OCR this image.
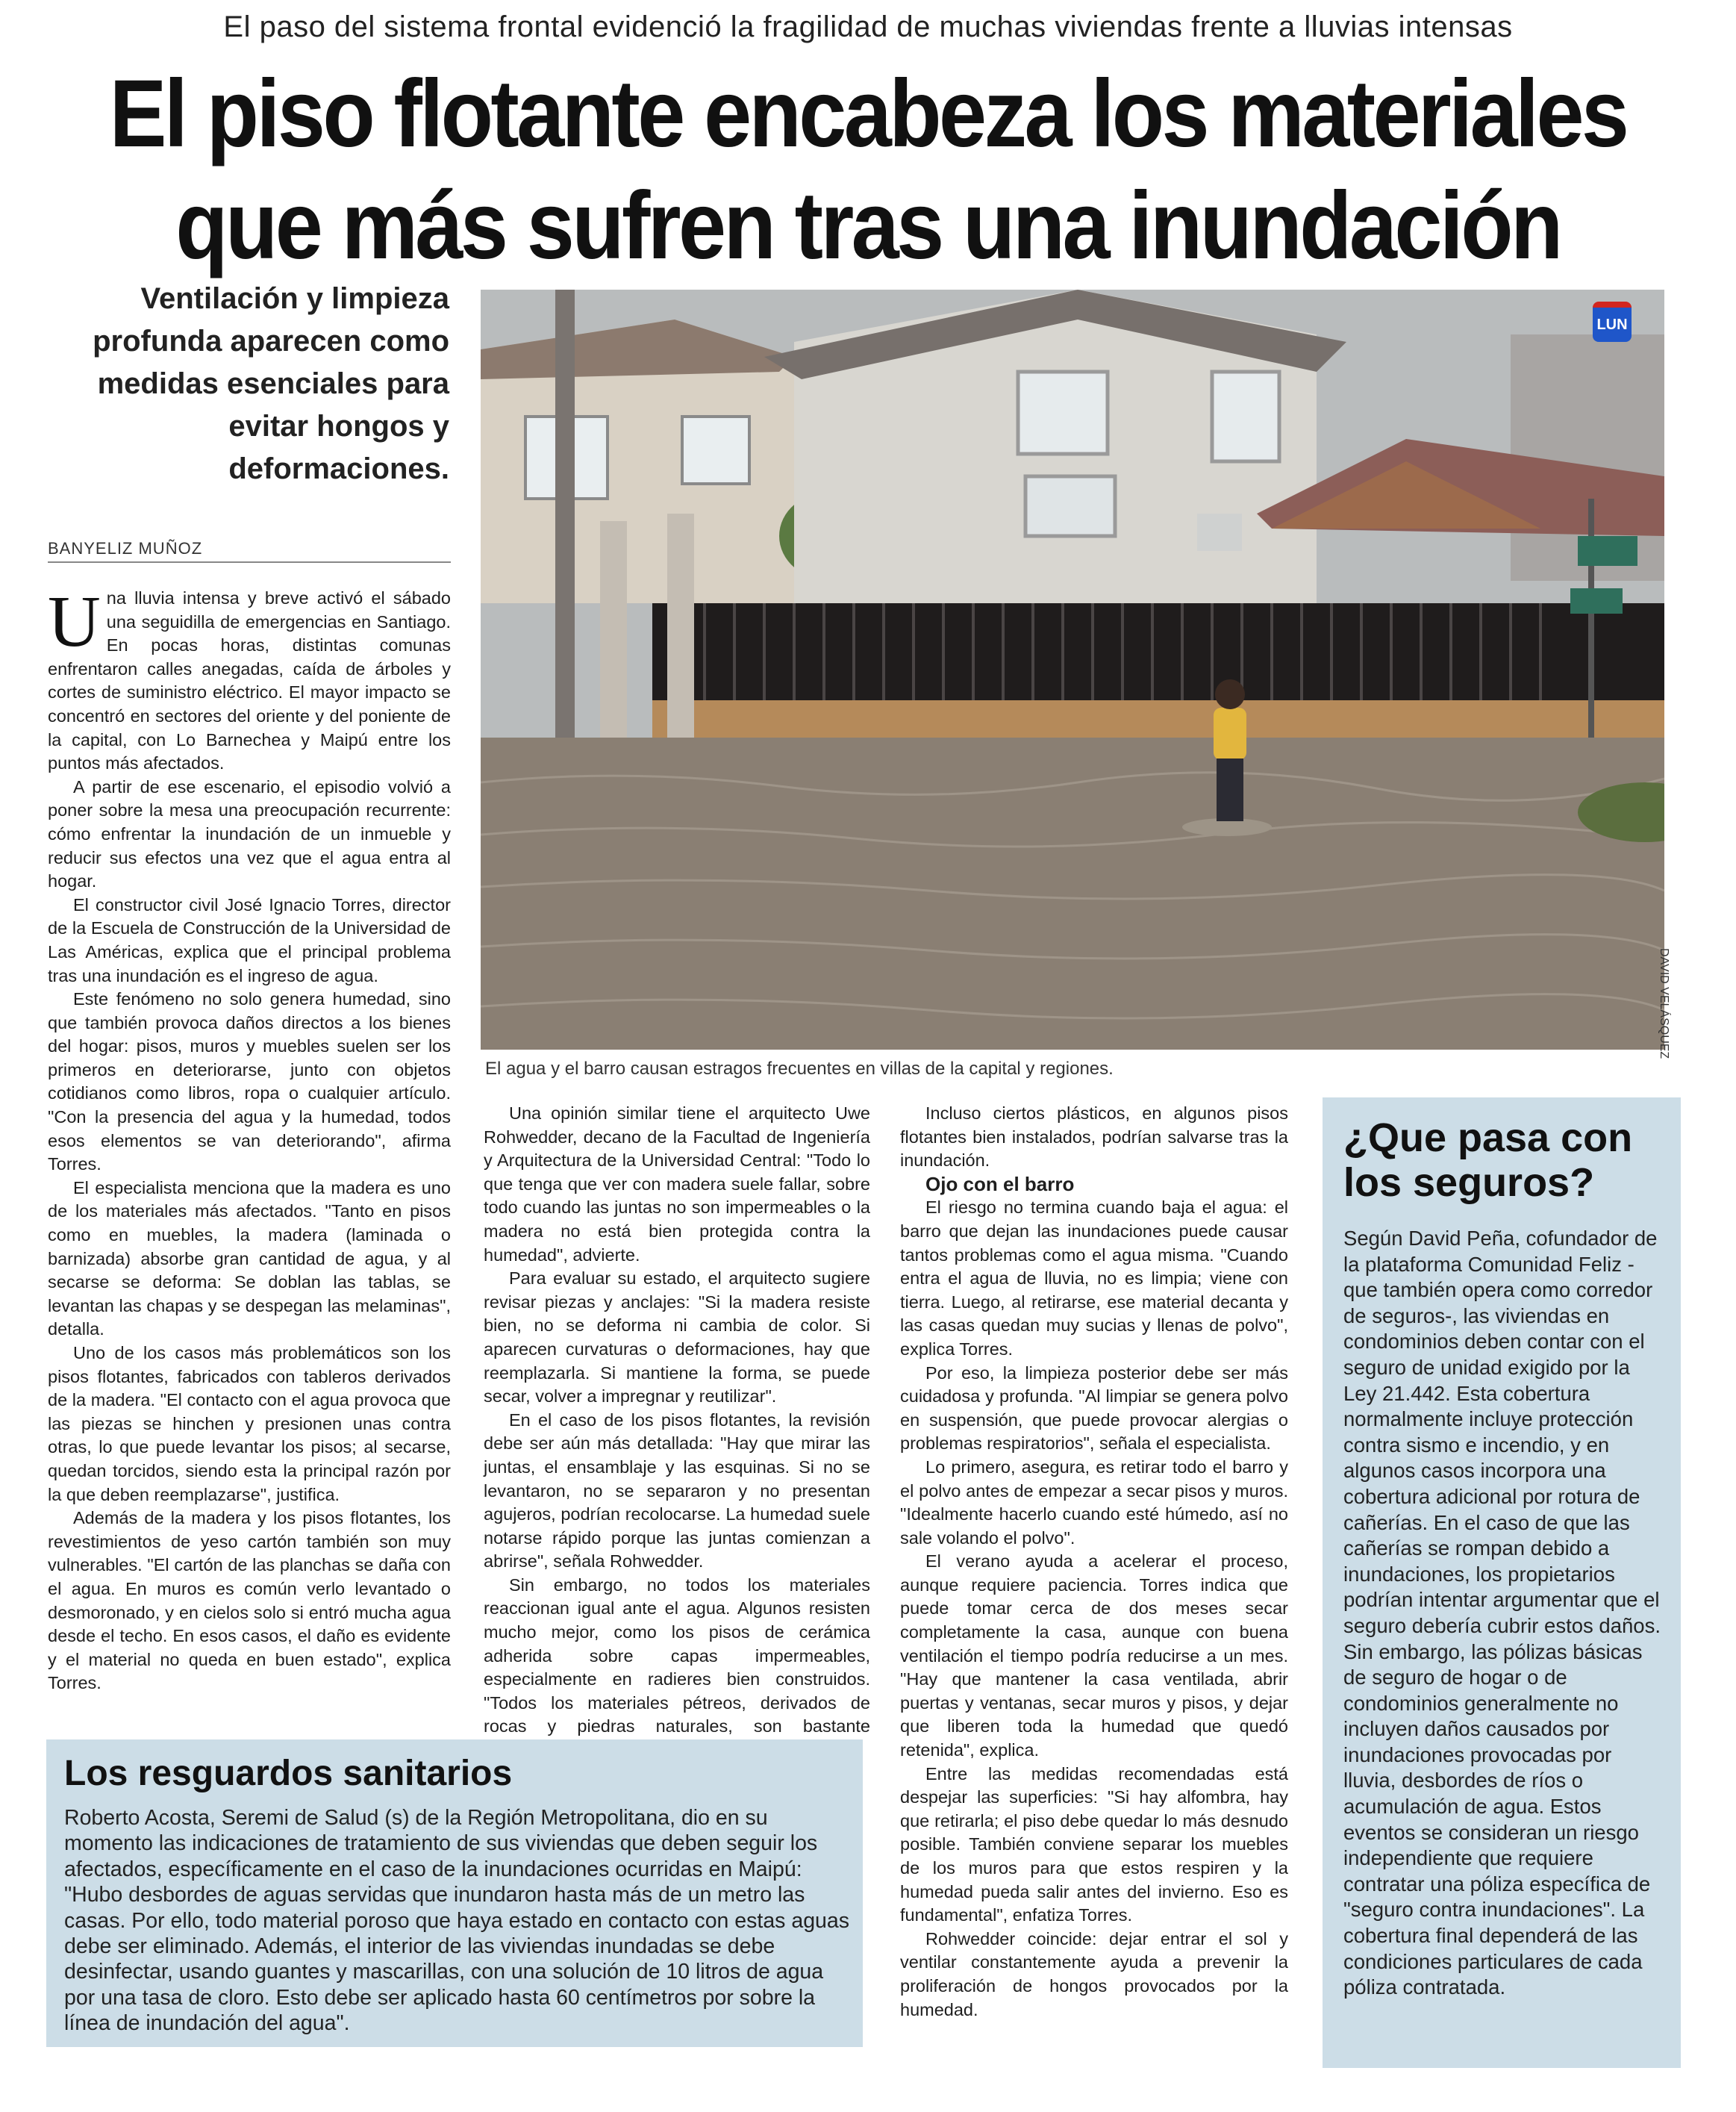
El paso del sistema frontal evidenció la fragilidad de muchas viviendas frente a lluvias intensas
El piso flotante encabeza los materiales
que más sufren tras una inundación
Ventilación y limpieza profunda aparecen como medidas esenciales para evitar hongos y deformaciones.
BANYELIZ MUÑOZ
LUN
DAVID VELÁSQUEZ
El agua y el barro causan estragos frecuentes en villas de la capital y regiones.

Una lluvia intensa y breve activó el sábado una seguidilla de emergencias en Santiago. En pocas horas, distintas comunas enfrentaron calles anegadas, caída de árboles y cortes de suministro eléctrico. El mayor impacto se concentró en sectores del oriente y del poniente de la capital, con Lo Barnechea y Maipú entre los puntos más afectados.

A partir de ese escenario, el episodio volvió a poner sobre la mesa una preocupación recurrente: cómo enfrentar la inundación de un inmueble y reducir sus efectos una vez que el agua entra al hogar.

El constructor civil José Ignacio Torres, director de la Escuela de Construcción de la Universidad de Las Américas, explica que el principal problema tras una inundación es el ingreso de agua.

Este fenómeno no solo genera humedad, sino que también provoca daños directos a los bienes del hogar: pisos, muros y muebles suelen ser los primeros en deteriorarse, junto con objetos cotidianos como libros, ropa o cualquier artículo. "Con la presencia del agua y la humedad, todos esos elementos se van deteriorando", afirma Torres.

El especialista menciona que la madera es uno de los materiales más afectados. "Tanto en pisos como en muebles, la madera (laminada o barnizada) absorbe gran cantidad de agua, y al secarse se deforma: Se doblan las tablas, se levantan las chapas y se despegan las melaminas", detalla.

Uno de los casos más problemáticos son los pisos flotantes, fabricados con tableros derivados de la madera. "El contacto con el agua provoca que las piezas se hinchen y presionen unas contra otras, lo que puede levantar los pisos; al secarse, quedan torcidos, siendo esta la principal razón por la que deben reemplazarse", justifica.

Además de la madera y los pisos flotantes, los revestimientos de yeso cartón también son muy vulnerables. "El cartón de las planchas se daña con el agua. En muros es común verlo levantado o desmoronado, y en cielos solo si entró mucha agua desde el techo. En esos casos, el daño es evidente y el material no queda en buen estado", explica Torres.

Una opinión similar tiene el arquitecto Uwe Rohwedder, decano de la Facultad de Ingeniería y Arquitectura de la Universidad Central: "Todo lo que tenga que ver con madera suele fallar, sobre todo cuando las juntas no son impermeables o la madera no está bien protegida contra la humedad", advierte.

Para evaluar su estado, el arquitecto sugiere revisar piezas y anclajes: "Si la madera resiste bien, no se deforma ni cambia de color. Si aparecen curvaturas o deformaciones, hay que reemplazarla. Si mantiene la forma, se puede secar, volver a impregnar y reutilizar".

En el caso de los pisos flotantes, la revisión debe ser aún más detallada: "Hay que mirar las juntas, el ensamblaje y las esquinas. Si no se levantaron, no se separaron y no presentan agujeros, podrían recolocarse. La humedad suele notarse rápido porque las juntas comienzan a abrirse", señala Rohwedder.

Sin embargo, no todos los materiales reaccionan igual ante el agua. Algunos resisten mucho mejor, como los pisos de cerámica adherida sobre capas impermeables, especialmente en radieres bien construidos. "Todos los materiales pétreos, derivados de rocas y piedras naturales, son bastante

Incluso ciertos plásticos, en algunos pisos flotantes bien instalados, podrían salvarse tras la inundación.

Ojo con el barro

El riesgo no termina cuando baja el agua: el barro que dejan las inundaciones puede causar tantos problemas como el agua misma. "Cuando entra el agua de lluvia, no es limpia; viene con tierra. Luego, al retirarse, ese material decanta y las casas quedan muy sucias y llenas de polvo", explica Torres.

Por eso, la limpieza posterior debe ser más cuidadosa y profunda. "Al limpiar se genera polvo en suspensión, que puede provocar alergias o problemas respiratorios", señala el especialista.

Lo primero, asegura, es retirar todo el barro y el polvo antes de empezar a secar pisos y muros. "Idealmente hacerlo cuando esté húmedo, así no sale volando el polvo".

El verano ayuda a acelerar el proceso, aunque requiere paciencia. Torres indica que puede tomar cerca de dos meses secar completamente la casa, aunque con buena ventilación el tiempo podría reducirse a un mes. "Hay que mantener la casa ventilada, abrir puertas y ventanas, secar muros y pisos, y dejar que liberen toda la humedad que quedó retenida", explica.

Entre las medidas recomendadas está despejar las superficies: "Si hay alfombra, hay que retirarla; el piso debe quedar lo más desnudo posible. También conviene separar los muebles de los muros para que estos respiren y la humedad pueda salir antes del invierno. Eso es fundamental", enfatiza Torres.

Rohwedder coincide: dejar entrar el sol y ventilar constantemente ayuda a prevenir la proliferación de hongos provocados por la humedad.

¿Que pasa con los seguros?
Según David Peña, cofundador de la plataforma Comunidad Feliz -que también opera como corredor de seguros-, las viviendas en condominios deben contar con el seguro de unidad exigido por la Ley 21.442. Esta cobertura normalmente incluye protección contra sismo e incendio, y en algunos casos incorpora una cobertura adicional por rotura de cañerías. En el caso de que las cañerías se rompan debido a inundaciones, los propietarios podrían intentar argumentar que el seguro debería cubrir estos daños. Sin embargo, las pólizas básicas de seguro de hogar o de condominios generalmente no incluyen daños causados por inundaciones provocadas por lluvia, desbordes de ríos o acumulación de agua. Estos eventos se consideran un riesgo independiente que requiere contratar una póliza específica de "seguro contra inundaciones". La cobertura final dependerá de las condiciones particulares de cada póliza contratada.
Los resguardos sanitarios
Roberto Acosta, Seremi de Salud (s) de la Región Metropolitana, dio en su momento las indicaciones de tratamiento de sus viviendas que deben seguir los afectados, específicamente en el caso de la inundaciones ocurridas en Maipú: "Hubo desbordes de aguas servidas que inundaron hasta más de un metro las casas. Por ello, todo material poroso que haya estado en contacto con estas aguas debe ser eliminado. Además, el interior de las viviendas inundadas se debe desinfectar, usando guantes y mascarillas, con una solución de 10 litros de agua por una tasa de cloro. Esto debe ser aplicado hasta 60 centímetros por sobre la línea de inundación del agua".
